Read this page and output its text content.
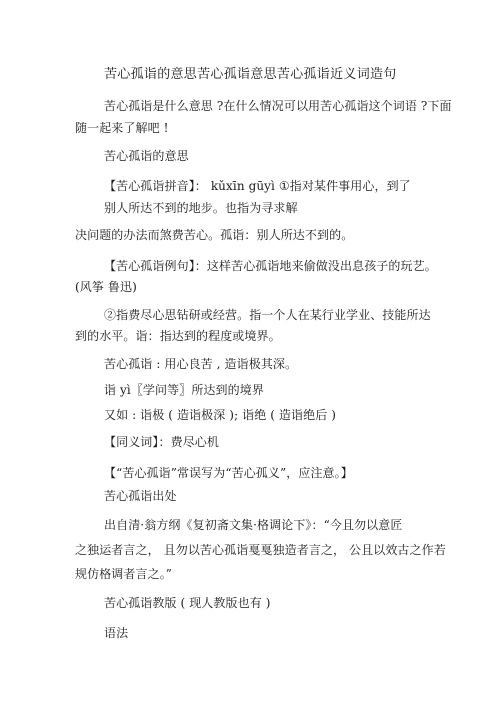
苦心孤诣的意思苦心孤诣意思苦心孤诣近义词造句
苦心孤诣是什么意思 ?在什么情况可以用苦心孤诣这个词语 ?下面
随一起来了解吧 !
苦心孤诣的意思
【苦心孤诣拼音】： kǔxīn gūyì ①指对某件事用心，到了
别人所达不到的地步。也指为寻求解
决问题的办法而煞费苦心。孤诣：别人所达不到的。
【苦心孤诣例句】：这样苦心孤诣地来偷做没出息孩子的玩艺。
(风筝 鲁迅)
②指费尽心思钻研或经营。指一个人在某行业学业、技能所达
到的水平。诣：指达到的程度或境界。
苦心孤诣 : 用心良苦 , 造诣极其深。
诣 yì〖学问等〗所达到的境界
又如 : 诣极 ( 造诣极深 ); 诣绝 ( 造诣绝后 )
【同义词】：费尽心机
【“苦心孤诣”常误写为“苦心孤义”，应注意。】
苦心孤诣出处
出自清·翁方纲《复初斋文集·格调论下》：“今且勿以意匠
之独运者言之， 且勿以苦心孤诣戛戛独造者言之， 公且以效古之作若
规仿格调者言之。”
苦心孤诣教版 ( 现人教版也有 )
语法
